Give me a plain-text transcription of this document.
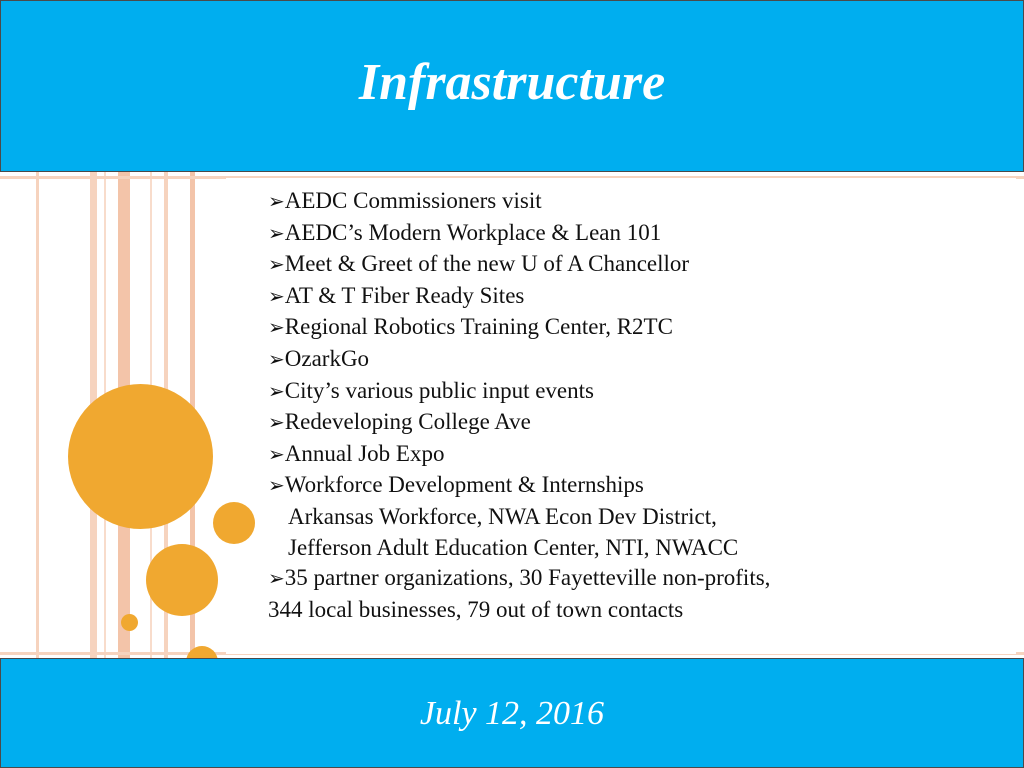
Infrastructure
➢AEDC Commissioners visit
➢AEDC’s Modern Workplace & Lean 101
➢Meet & Greet of the new U of A Chancellor
➢AT & T Fiber Ready Sites
➢Regional Robotics Training Center, R2TC
➢OzarkGo
➢City’s various public input events
➢Redeveloping College Ave
➢Annual Job Expo
➢Workforce Development & Internships
Arkansas Workforce, NWA Econ Dev District,
Jefferson Adult Education Center, NTI, NWACC
➢35 partner organizations, 30 Fayetteville non-profits,
344 local businesses, 79 out of town contacts
July 12, 2016
